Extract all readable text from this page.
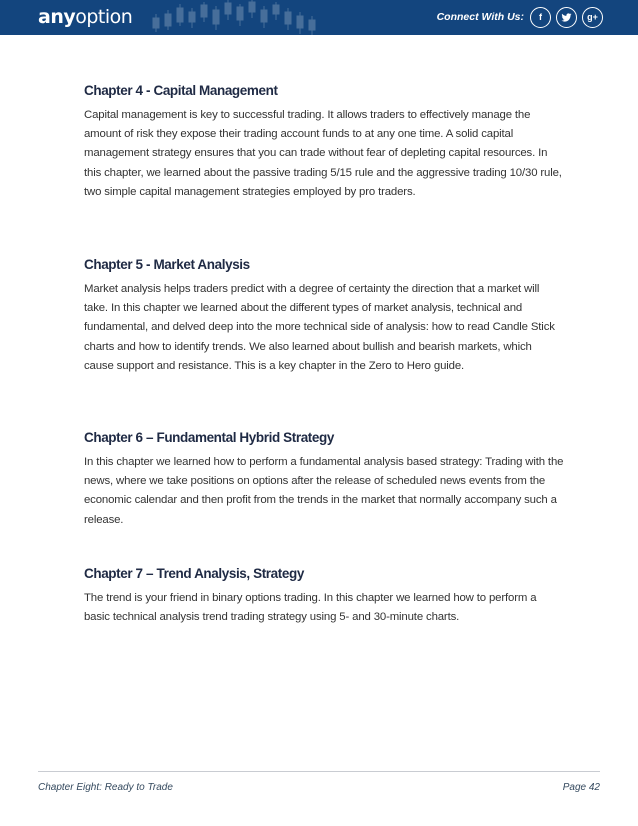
anyoption	Connect With Us:	f	g+
Chapter 4 - Capital Management

Capital management is key to successful trading. It allows traders to effectively manage the amount of risk they expose their trading account funds to at any one time. A solid capital management strategy ensures that you can trade without fear of depleting capital resources. In this chapter, we learned about the passive trading 5/15 rule and the aggressive trading 10/30 rule, two simple capital management strategies employed by pro traders.

Chapter 5 - Market Analysis

Market analysis helps traders predict with a degree of certainty the direction that a market will take. In this chapter we learned about the different types of market analysis, technical and fundamental, and delved deep into the more technical side of analysis: how to read Candle Stick charts and how to identify trends. We also learned about bullish and bearish markets, which cause support and resistance. This is a key chapter in the Zero to Hero guide.

Chapter 6 – Fundamental Hybrid Strategy

In this chapter we learned how to perform a fundamental analysis based strategy: Trading with the news, where we take positions on options after the release of scheduled news events from the economic calendar and then profit from the trends in the market that normally accompany such a release.

Chapter 7 – Trend Analysis, Strategy

The trend is your friend in binary options trading. In this chapter we learned how to perform a basic technical analysis trend trading strategy using 5- and 30-minute charts.

Chapter Eight: Ready to Trade	Page 42
